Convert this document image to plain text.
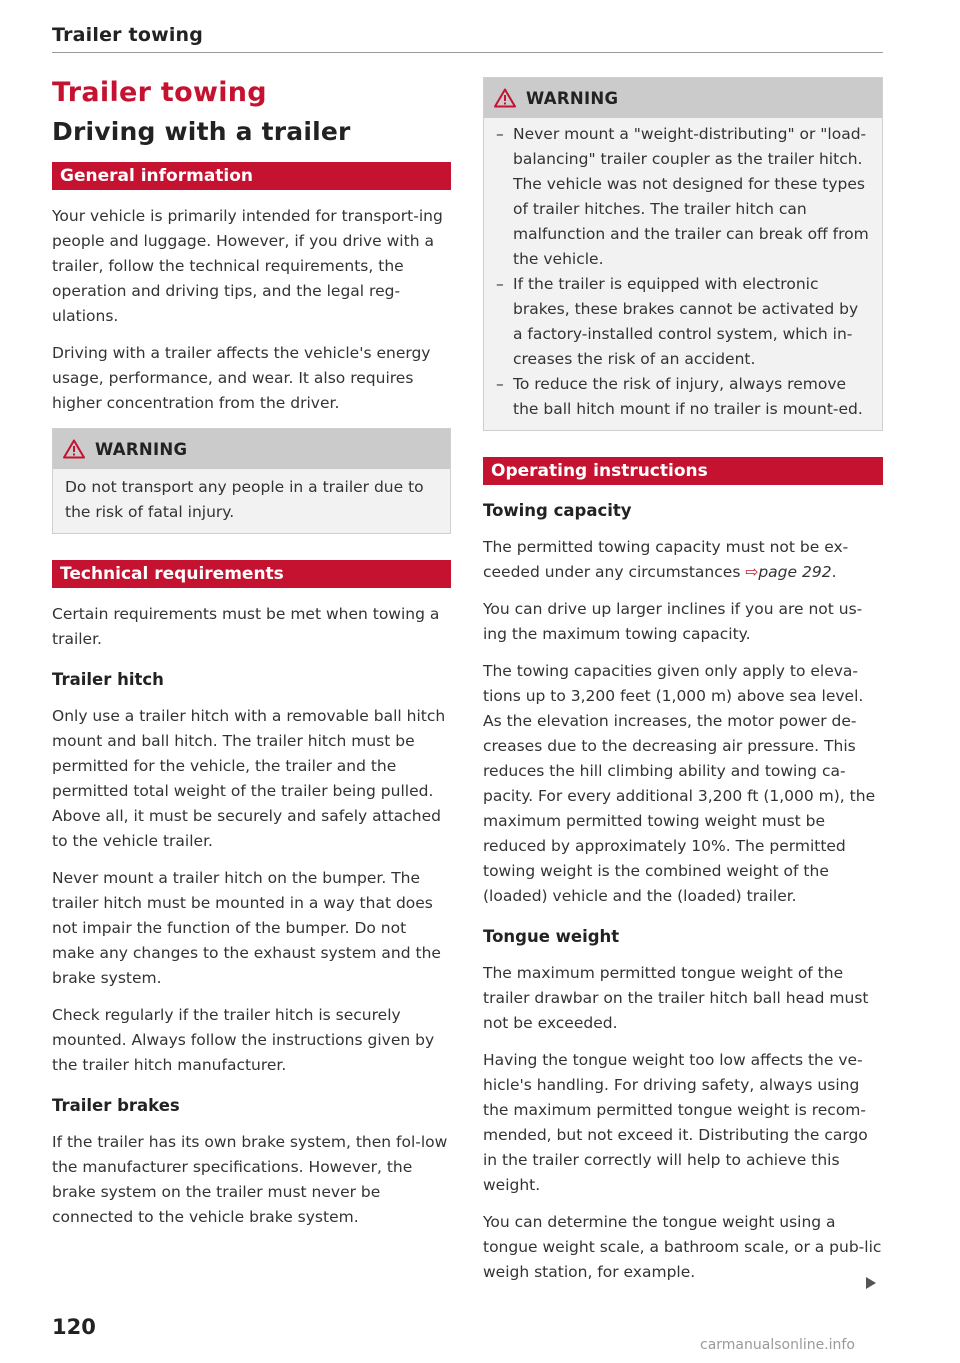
Trailer towing
Trailer towing
Driving with a trailer
General information

Your vehicle is primarily intended for transport-ing people and luggage. However, if you drive with a trailer, follow the technical requirements, the operation and driving tips, and the legal reg-ulations.

Driving with a trailer affects the vehicle's energy usage, performance, and wear. It also requires higher concentration from the driver.

WARNING

Do not transport any people in a trailer due to the risk of fatal injury.

Technical requirements

Certain requirements must be met when towing a trailer.

Trailer hitch

Only use a trailer hitch with a removable ball hitch mount and ball hitch. The trailer hitch must be permitted for the vehicle, the trailer and the permitted total weight of the trailer being pulled. Above all, it must be securely and safely attached to the vehicle trailer.

Never mount a trailer hitch on the bumper. The trailer hitch must be mounted in a way that does not impair the function of the bumper. Do not make any changes to the exhaust system and the brake system.

Check regularly if the trailer hitch is securely mounted. Always follow the instructions given by the trailer hitch manufacturer.

Trailer brakes

If the trailer has its own brake system, then fol-low the manufacturer specifications. However, the brake system on the trailer must never be connected to the vehicle brake system.

WARNING
– Never mount a "weight-distributing" or "load-balancing" trailer coupler as the trailer hitch. The vehicle was not designed for these types of trailer hitches. The trailer hitch can malfunction and the trailer can break off from the vehicle.
– If the trailer is equipped with electronic brakes, these brakes cannot be activated by a factory-installed control system, which in-creases the risk of an accident.
– To reduce the risk of injury, always remove the ball hitch mount if no trailer is mount-ed.
Operating instructions
Towing capacity

The permitted towing capacity must not be ex-ceeded under any circumstances ⇨page 292.

You can drive up larger inclines if you are not us-ing the maximum towing capacity.

The towing capacities given only apply to eleva-tions up to 3,200 feet (1,000 m) above sea level. As the elevation increases, the motor power de-creases due to the decreasing air pressure. This reduces the hill climbing ability and towing ca-pacity. For every additional 3,200 ft (1,000 m), the maximum permitted towing weight must be reduced by approximately 10%. The permitted towing weight is the combined weight of the (loaded) vehicle and the (loaded) trailer.

Tongue weight

The maximum permitted tongue weight of the trailer drawbar on the trailer hitch ball head must not be exceeded.

Having the tongue weight too low affects the ve-hicle's handling. For driving safety, always using the maximum permitted tongue weight is recom-mended, but not exceed it. Distributing the cargo in the trailer correctly will help to achieve this weight.

You can determine the tongue weight using a tongue weight scale, a bathroom scale, or a pub-lic weigh station, for example.

120
carmanualsonline.info
